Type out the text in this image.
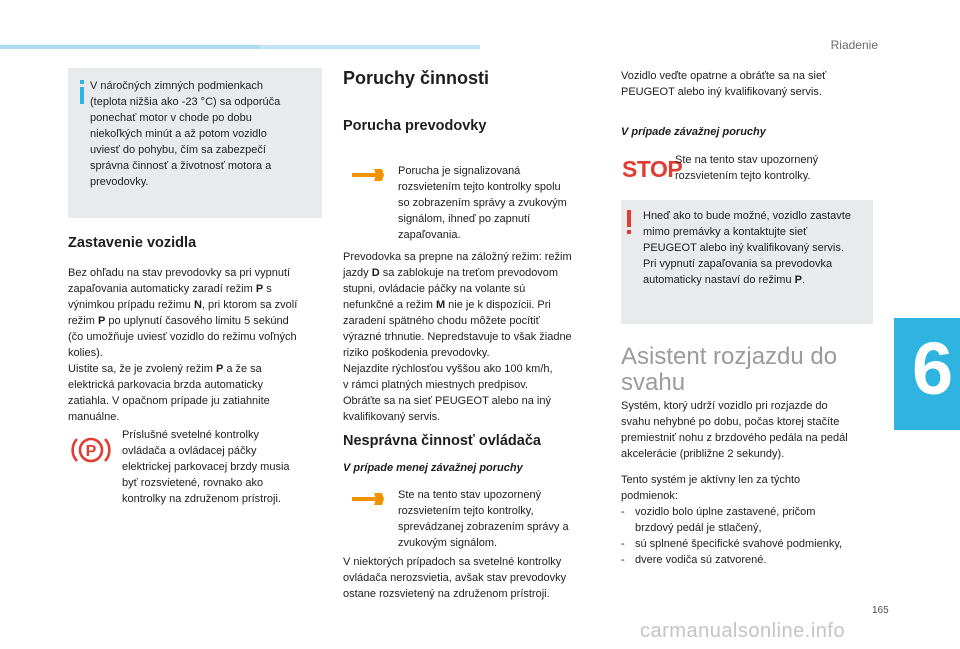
Riadenie
6
V náročných zimných podmienkach
(teplota nižšia ako -23 °C) sa odporúča
ponechať motor v chode po dobu
niekoľkých minút a až potom vozidlo
uviesť do pohybu, čím sa zabezpečí
správna činnosť a životnosť motora a
prevodovky.
Zastavenie vozidla
Bez ohľadu na stav prevodovky sa pri vypnutí
zapaľovania automaticky zaradí režim P s
výnimkou prípadu režimu N, pri ktorom sa zvolí
režim P po uplynutí časového limitu 5 sekúnd
(čo umožňuje uviesť vozidlo do režimu voľných
kolies).
Uistite sa, že je zvolený režim P a že sa
elektrická parkovacia brzda automaticky
zatiahla. V opačnom prípade ju zatiahnite
manuálne.
P
Príslušné svetelné kontrolky
ovládača a ovládacej páčky
elektrickej parkovacej brzdy musia
byť rozsvietené, rovnako ako
kontrolky na združenom prístroji.
Poruchy činnosti
Porucha prevodovky
Porucha je signalizovaná
rozsvietením tejto kontrolky spolu
so zobrazením správy a zvukovým
signálom, ihneď po zapnutí
zapaľovania.
Prevodovka sa prepne na záložný režim: režim
jazdy D sa zablokuje na treťom prevodovom
stupni, ovládacie páčky na volante sú
nefunkčné a režim M nie je k dispozícii. Pri
zaradení spätného chodu môžete pocítiť
výrazné trhnutie. Nepredstavuje to však žiadne
riziko poškodenia prevodovky.
Nejazdite rýchlosťou vyššou ako 100 km/h,
v rámci platných miestnych predpisov.
Obráťte sa na sieť PEUGEOT alebo na iný
kvalifikovaný servis.
Nesprávna činnosť ovládača
V prípade menej závažnej poruchy
Ste na tento stav upozornený
rozsvietením tejto kontrolky,
sprevádzanej zobrazením správy a
zvukovým signálom.
V niektorých prípadoch sa svetelné kontrolky
ovládača nerozsvietia, avšak stav prevodovky
ostane rozsvietený na združenom prístroji.
Vozidlo veďte opatrne a obráťte sa na sieť
PEUGEOT alebo iný kvalifikovaný servis.
V prípade závažnej poruchy
STOP
Ste na tento stav upozornený
rozsvietením tejto kontrolky.
Hneď ako to bude možné, vozidlo zastavte
mimo premávky a kontaktujte sieť
PEUGEOT alebo iný kvalifikovaný servis.
Pri vypnutí zapaľovania sa prevodovka
automaticky nastaví do režimu P.
Asistent rozjazdu do
svahu
Systém, ktorý udrží vozidlo pri rozjazde do
svahu nehybné po dobu, počas ktorej stačíte
premiestniť nohu z brzdového pedála na pedál
akcelerácie (približne 2 sekundy).
Tento systém je aktívny len za týchto
podmienok:
- vozidlo bolo úplne zastavené, pričom
brzdový pedál je stlačený,
- sú splnené špecifické svahové podmienky,
- dvere vodiča sú zatvorené.
165
carmanualsonline.info
